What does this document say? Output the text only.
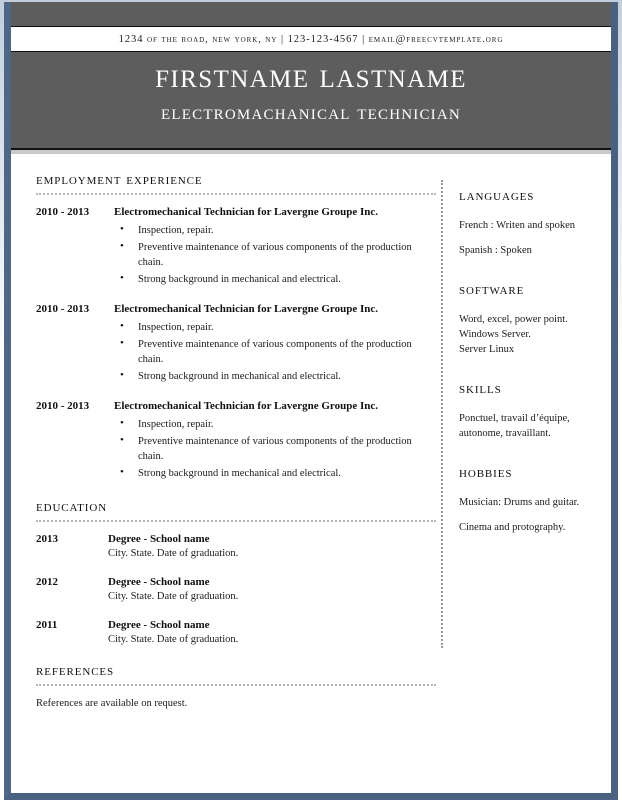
1234 of the road, new york, ny | 123-123-4567 | email@freecvtemplate.org
firstname lastname
electromachanical technician
employment experience
2010 - 2013	Electromechanical Technician for Lavergne Groupe Inc.

• Inspection, repair.
• Preventive maintenance of various components of the production chain.
• Strong background in mechanical and electrical.
2010 - 2013	Electromechanical Technician for Lavergne Groupe Inc.

• Inspection, repair.
• Preventive maintenance of various components of the production chain.
• Strong background in mechanical and electrical.
2010 - 2013	Electromechanical Technician for Lavergne Groupe Inc.

• Inspection, repair.
• Preventive maintenance of various components of the production chain.
• Strong background in mechanical and electrical.
education
2013	Degree - School name

City. State. Date of graduation.

2012	Degree - School name

City. State. Date of graduation.

2011	Degree - School name

City. State. Date of graduation.

references

References are available on request.

languages

French : Writen and spoken

Spanish : Spoken

software

Word, excel, power point.

Windows Server.

Server Linux

skills

Ponctuel, travail d’équipe, autonome, travaillant.

hobbies

Musician: Drums and guitar.

Cinema and protography.
